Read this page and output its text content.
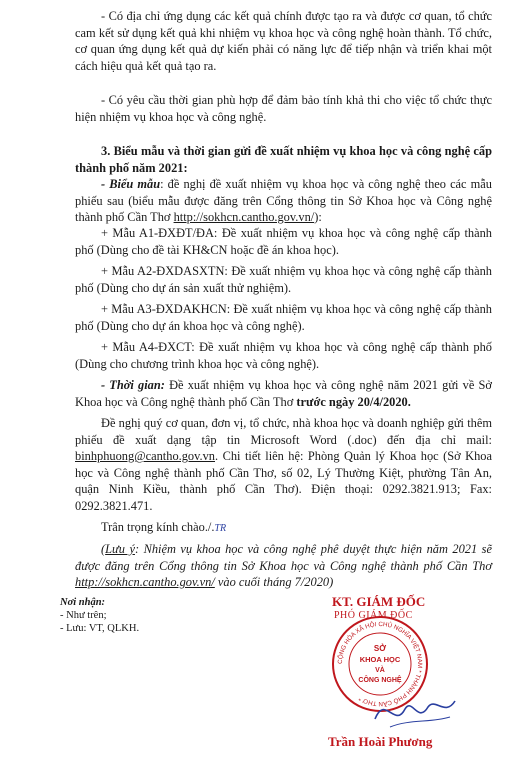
- Có địa chỉ ứng dụng các kết quả chính được tạo ra và được cơ quan, tổ chức cam kết sử dụng kết quả khi nhiệm vụ khoa học và công nghệ hoàn thành. Tổ chức, cơ quan ứng dụng kết quả dự kiến phải có năng lực để tiếp nhận và triển khai một cách hiệu quả kết quả tạo ra.

- Có yêu cầu thời gian phù hợp để đảm bảo tính khả thi cho việc tổ chức thực hiện nhiệm vụ khoa học và công nghệ.

3. Biểu mẫu và thời gian gửi đề xuất nhiệm vụ khoa học và công nghệ cấp thành phố năm 2021:

- Biểu mẫu: đề nghị đề xuất nhiệm vụ khoa học và công nghệ theo các mẫu phiếu sau (biểu mẫu được đăng trên Cổng thông tin Sở Khoa học và Công nghệ thành phố Cần Thơ http://sokhcn.cantho.gov.vn/):

+ Mẫu A1-ĐXĐT/ĐA: Đề xuất nhiệm vụ khoa học và công nghệ cấp thành phố (Dùng cho đề tài KH&CN hoặc đề án khoa học).

+ Mẫu A2-ĐXDASXTN: Đề xuất nhiệm vụ khoa học và công nghệ cấp thành phố (Dùng cho dự án sản xuất thử nghiệm).

+ Mẫu A3-ĐXDAKHCN: Đề xuất nhiệm vụ khoa học và công nghệ cấp thành phố (Dùng cho dự án khoa học và công nghệ).

+ Mẫu A4-ĐXCT: Đề xuất nhiệm vụ khoa học và công nghệ cấp thành phố (Dùng cho chương trình khoa học và công nghệ).

- Thời gian: Đề xuất nhiệm vụ khoa học và công nghệ năm 2021 gửi về Sở Khoa học và Công nghệ thành phố Cần Thơ trước ngày 20/4/2020.

Đề nghị quý cơ quan, đơn vị, tổ chức, nhà khoa học và doanh nghiệp gửi thêm phiếu đề xuất dạng tập tin Microsoft Word (.doc) đến địa chỉ mail: binhphuong@cantho.gov.vn. Chi tiết liên hệ: Phòng Quản lý Khoa học (Sở Khoa học và Công nghệ thành phố Cần Thơ, số 02, Lý Thường Kiệt, phường Tân An, quận Ninh Kiều, thành phố Cần Thơ). Điện thoại: 0292.3821.913; Fax: 0292.3821.471.

Trân trọng kính chào./.TR

(Lưu ý: Nhiệm vụ khoa học và công nghệ phê duyệt thực hiện năm 2021 sẽ được đăng trên Cổng thông tin Sở Khoa học và Công nghệ thành phố Cần Thơ http://sokhcn.cantho.gov.vn/ vào cuối tháng 7/2020)

Nơi nhận:
- Như trên;
- Lưu: VT, QLKH.
KT. GIÁM ĐỐC
PHÓ GIÁM ĐỐC
CỘNG HÒA XÃ HỘI CHỦ NGHĨA VIỆT NAM * THÀNH PHỐ CẦN THƠ *
SỞ
KHOA HỌC
VÀ
CÔNG NGHỆ
Trần Hoài Phương
